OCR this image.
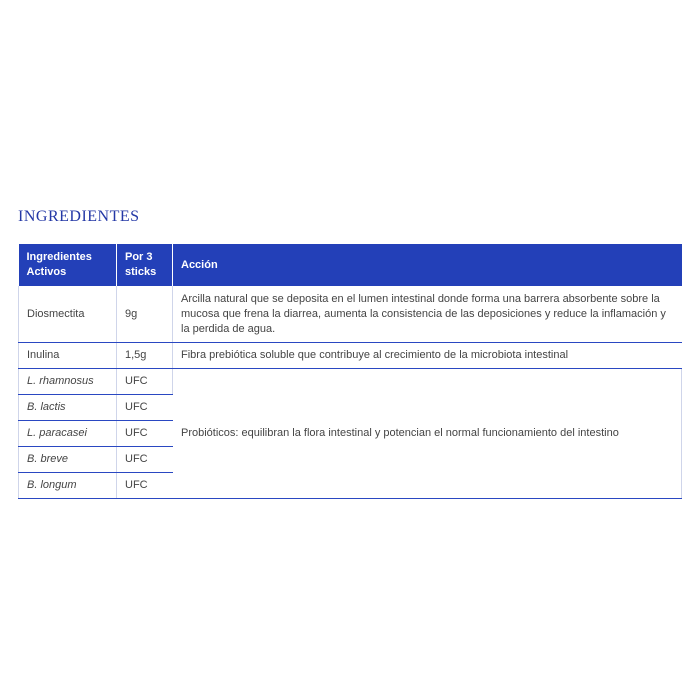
INGREDIENTES
Ingredientes Activos	Por 3 sticks	Acción
Diosmectita	9g	Arcilla natural que se deposita en el lumen intestinal donde forma una barrera absorbente sobre la mucosa que frena la diarrea, aumenta la consistencia de las deposiciones y reduce la inflamación y la perdida de agua.
Inulina	1,5g	Fibra prebiótica soluble que contribuye al crecimiento de la microbiota intestinal
L. rhamnosus	UFC	Probióticos: equilibran la flora intestinal y potencian el normal funcionamiento del intestino
B. lactis	UFC	
L. paracasei	UFC	
B. breve	UFC	
B. longum	UFC	
